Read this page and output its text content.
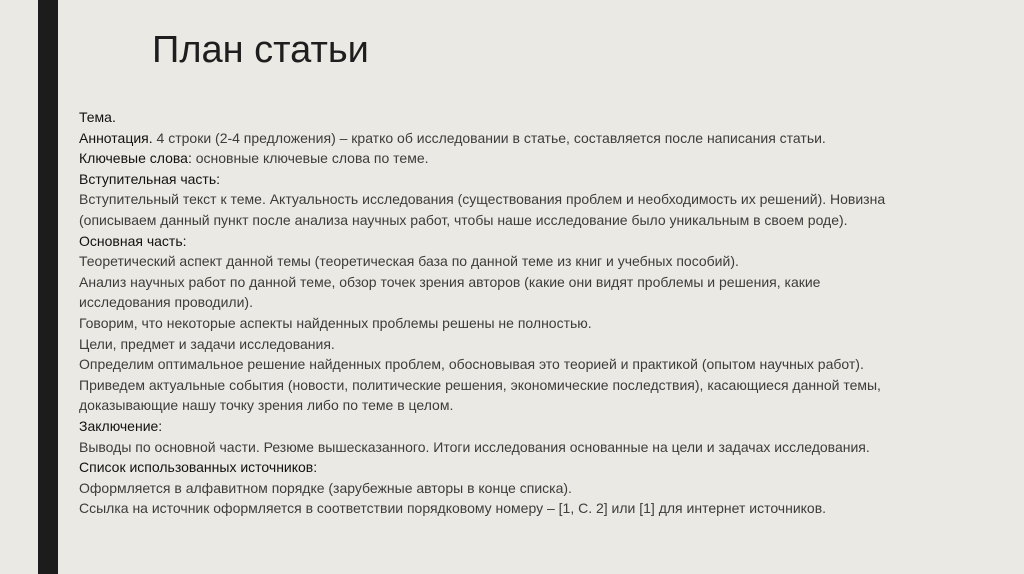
План статьи
Тема.
Аннотация. 4 строки (2-4 предложения) – кратко об исследовании в статье, составляется после написания статьи.
Ключевые слова: основные ключевые слова по теме.
Вступительная часть:
Вступительный текст к теме. Актуальность исследования (существования проблем и необходимость их решений). Новизна
(описываем данный пункт после анализа научных работ, чтобы наше исследование было уникальным в своем роде).
Основная часть:
Теоретический аспект данной темы (теоретическая база по данной теме из книг и учебных пособий).
Анализ научных работ по данной теме, обзор точек зрения авторов (какие они видят проблемы и решения, какие
исследования проводили).
Говорим, что некоторые аспекты найденных проблемы решены не полностью.
Цели, предмет и задачи исследования.
Определим оптимальное решение найденных проблем, обосновывая это теорией и практикой (опытом научных работ).
Приведем актуальные события (новости, политические решения, экономические последствия), касающиеся данной темы,
доказывающие нашу точку зрения либо по теме в целом.
Заключение:
Выводы по основной части. Резюме вышесказанного. Итоги исследования основанные на цели и задачах исследования.
Список использованных источников:
Оформляется в алфавитном порядке (зарубежные авторы в конце списка).
Ссылка на источник оформляется в соответствии порядковому номеру – [1, С. 2] или [1] для интернет источников.
